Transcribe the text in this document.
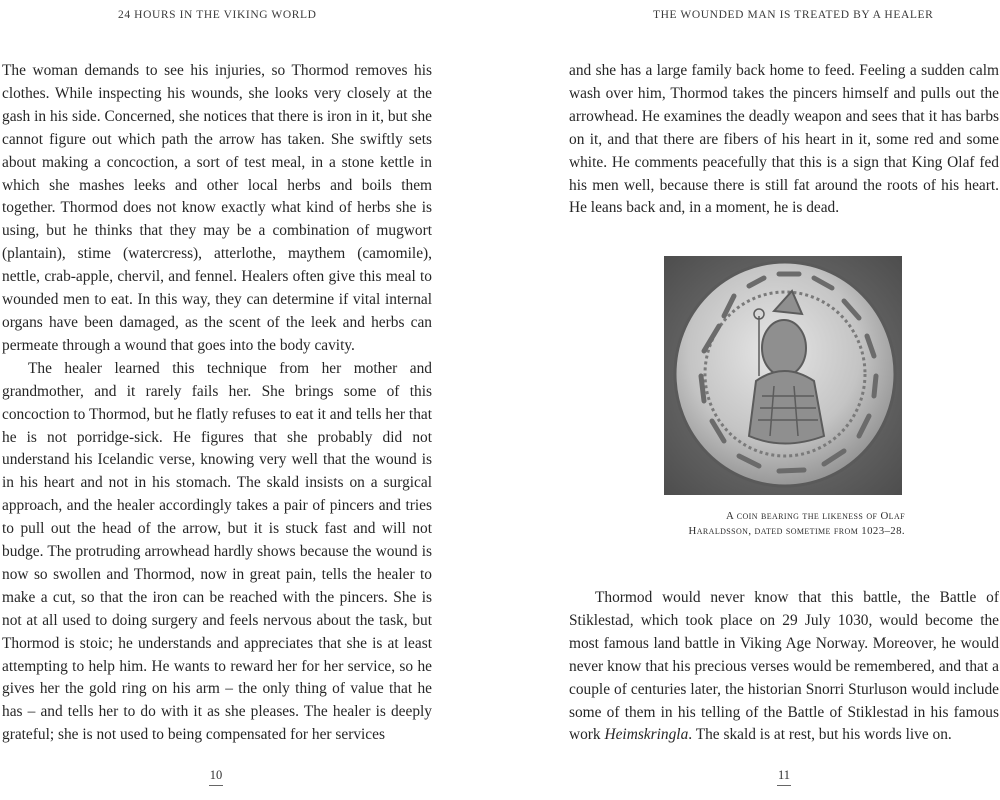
24 HOURS IN THE VIKING WORLD

The woman demands to see his injuries, so Thormod removes his clothes. While inspecting his wounds, she looks very closely at the gash in his side. Concerned, she notices that there is iron in it, but she cannot figure out which path the arrow has taken. She swiftly sets about making a concoction, a sort of test meal, in a stone kettle in which she mashes leeks and other local herbs and boils them together. Thormod does not know exactly what kind of herbs she is using, but he thinks that they may be a combination of mugwort (plantain), stime (watercress), atterlothe, maythem (camomile), nettle, crab-apple, chervil, and fennel. Healers often give this meal to wounded men to eat. In this way, they can determine if vital internal organs have been damaged, as the scent of the leek and herbs can permeate through a wound that goes into the body cavity.

The healer learned this technique from her mother and grandmother, and it rarely fails her. She brings some of this concoction to Thormod, but he flatly refuses to eat it and tells her that he is not porridge-sick. He figures that she probably did not understand his Icelandic verse, knowing very well that the wound is in his heart and not in his stomach. The skald insists on a surgical approach, and the healer accordingly takes a pair of pincers and tries to pull out the head of the arrow, but it is stuck fast and will not budge. The protruding arrowhead hardly shows because the wound is now so swollen and Thormod, now in great pain, tells the healer to make a cut, so that the iron can be reached with the pincers. She is not at all used to doing surgery and feels nervous about the task, but Thormod is stoic; he understands and appreciates that she is at least attempting to help him. He wants to reward her for her service, so he gives her the gold ring on his arm – the only thing of value that he has – and tells her to do with it as she pleases. The healer is deeply grateful; she is not used to being compensated for her services

10
THE WOUNDED MAN IS TREATED BY A HEALER

and she has a large family back home to feed. Feeling a sudden calm wash over him, Thormod takes the pincers himself and pulls out the arrowhead. He examines the deadly weapon and sees that it has barbs on it, and that there are fibers of his heart in it, some red and some white. He comments peacefully that this is a sign that King Olaf fed his men well, because there is still fat around the roots of his heart. He leans back and, in a moment, he is dead.

A coin bearing the likeness of Olaf Haraldsson, dated sometime from 1023–28.

Thormod would never know that this battle, the Battle of Stiklestad, which took place on 29 July 1030, would become the most famous land battle in Viking Age Norway. Moreover, he would never know that his precious verses would be remembered, and that a couple of centuries later, the historian Snorri Sturluson would include some of them in his telling of the Battle of Stiklestad in his famous work Heimskringla. The skald is at rest, but his words live on.

11
